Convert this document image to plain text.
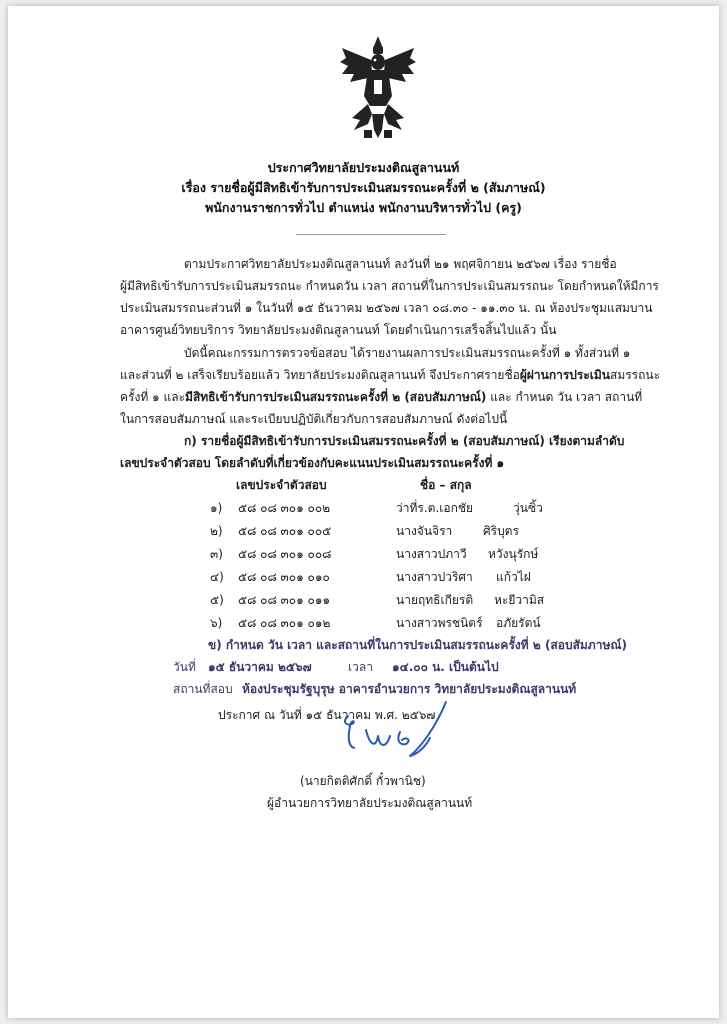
ประกาศวิทยาลัยประมงติณสูลานนท์
เรื่อง รายชื่อผู้มีสิทธิเข้ารับการประเมินสมรรถนะครั้งที่ ๒ (สัมภาษณ์)
พนักงานราชการทั่วไป ตำแหน่ง พนักงานบริหารทั่วไป (ครู)
ตามประกาศวิทยาลัยประมงติณสูลานนท์ ลงวันที่ ๒๑ พฤศจิกายน ๒๕๖๗ เรื่อง รายชื่อ
ผู้มีสิทธิเข้ารับการประเมินสมรรถนะ กำหนดวัน เวลา สถานที่ในการประเมินสมรรถนะ โดยกำหนดให้มีการ
ประเมินสมรรถนะส่วนที่ ๑ ในวันที่ ๑๕ ธันวาคม ๒๕๖๗ เวลา ๐๘.๓๐ - ๑๑.๓๐ น. ณ ห้องประชุมแสมบาน
อาคารศูนย์วิทยบริการ วิทยาลัยประมงติณสูลานนท์ โดยดำเนินการเสร็จสิ้นไปแล้ว นั้น
บัดนี้คณะกรรมการตรวจข้อสอบ ได้รายงานผลการประเมินสมรรถนะครั้งที่ ๑ ทั้งส่วนที่ ๑
และส่วนที่ ๒ เสร็จเรียบร้อยแล้ว วิทยาลัยประมงติณสูลานนท์ จึงประกาศรายชื่อผู้ผ่านการประเมินสมรรถนะ
ครั้งที่ ๑ และมีสิทธิเข้ารับการประเมินสมรรถนะครั้งที่ ๒ (สอบสัมภาษณ์) และ กำหนด วัน เวลา สถานที่
ในการสอบสัมภาษณ์ และระเบียบปฏิบัติเกี่ยวกับการสอบสัมภาษณ์ ดังต่อไปนี้
ก) รายชื่อผู้มีสิทธิเข้ารับการประเมินสมรรถนะครั้งที่ ๒ (สอบสัมภาษณ์) เรียงตามลำดับ
เลขประจำตัวสอบ โดยลำดับที่เกี่ยวข้องกับคะแนนประเมินสมรรถนะครั้งที่ ๑
เลขประจำตัวสอบ	ชื่อ – สกุล
๑) ๕๘ ๐๘ ๓๐๑ ๐๐๒	ว่าที่ร.ต.เอกชัย	วุ่นซิ้ว
๒) ๕๘ ๐๘ ๓๐๑ ๐๐๕	นางจันจิรา	ศิริบุตร
๓) ๕๘ ๐๘ ๓๐๑ ๐๐๘	นางสาวปภาวี หวังนุรักษ์
๔) ๕๘ ๐๘ ๓๐๑ ๐๑๐	นางสาวปวริศา แก้วไฝ
๕) ๕๘ ๐๘ ๓๐๑ ๐๑๑	นายฤทธิเกียรติ หะยีวามิส
๖) ๕๘ ๐๘ ๓๐๑ ๐๑๒	นางสาวพรชนิตร์ อภัยรัตน์
ข) กำหนด วัน เวลา และสถานที่ในการประเมินสมรรถนะครั้งที่ ๒ (สอบสัมภาษณ์)
วันที่ ๑๕ ธันวาคม ๒๕๖๗	เวลา ๑๔.๐๐ น. เป็นต้นไป
สถานที่สอบ ห้องประชุมรัฐบุรุษ อาคารอำนวยการ วิทยาลัยประมงติณสูลานนท์
ประกาศ ณ วันที่ ๑๕ ธันวาคม พ.ศ. ๒๕๖๗
(นายกิตติศักดิ์ กั๋วพานิช)
ผู้อำนวยการวิทยาลัยประมงติณสูลานนท์
